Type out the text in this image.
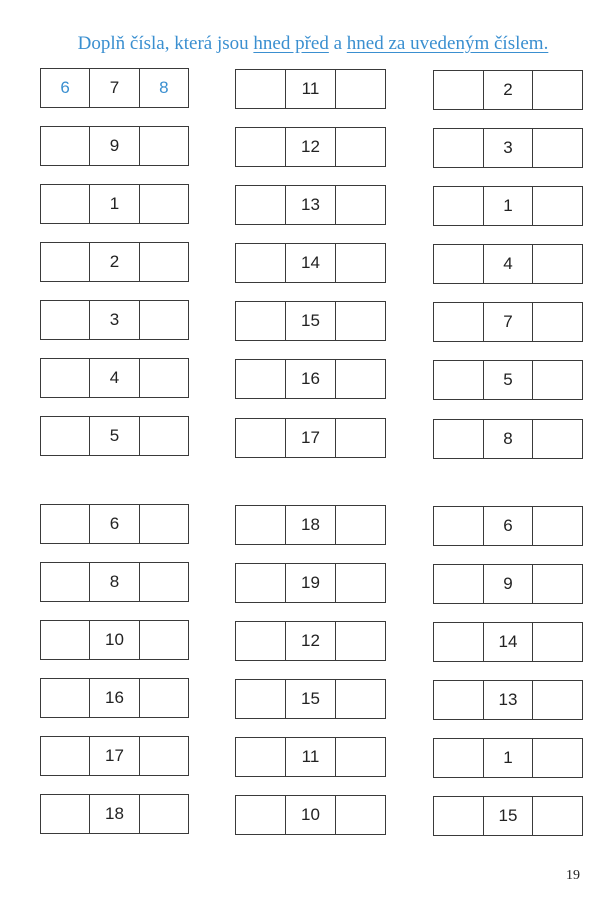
Doplň čísla, která jsou hned před a hned za uvedeným číslem.
6	7	8
9
1
2
3
4
5
6
8
10
16
17
18
11
12
13
14
15
16
17
18
19
12
15
11
10
2
3
1
4
7
5
8
6
9
14
13
1
15
19
